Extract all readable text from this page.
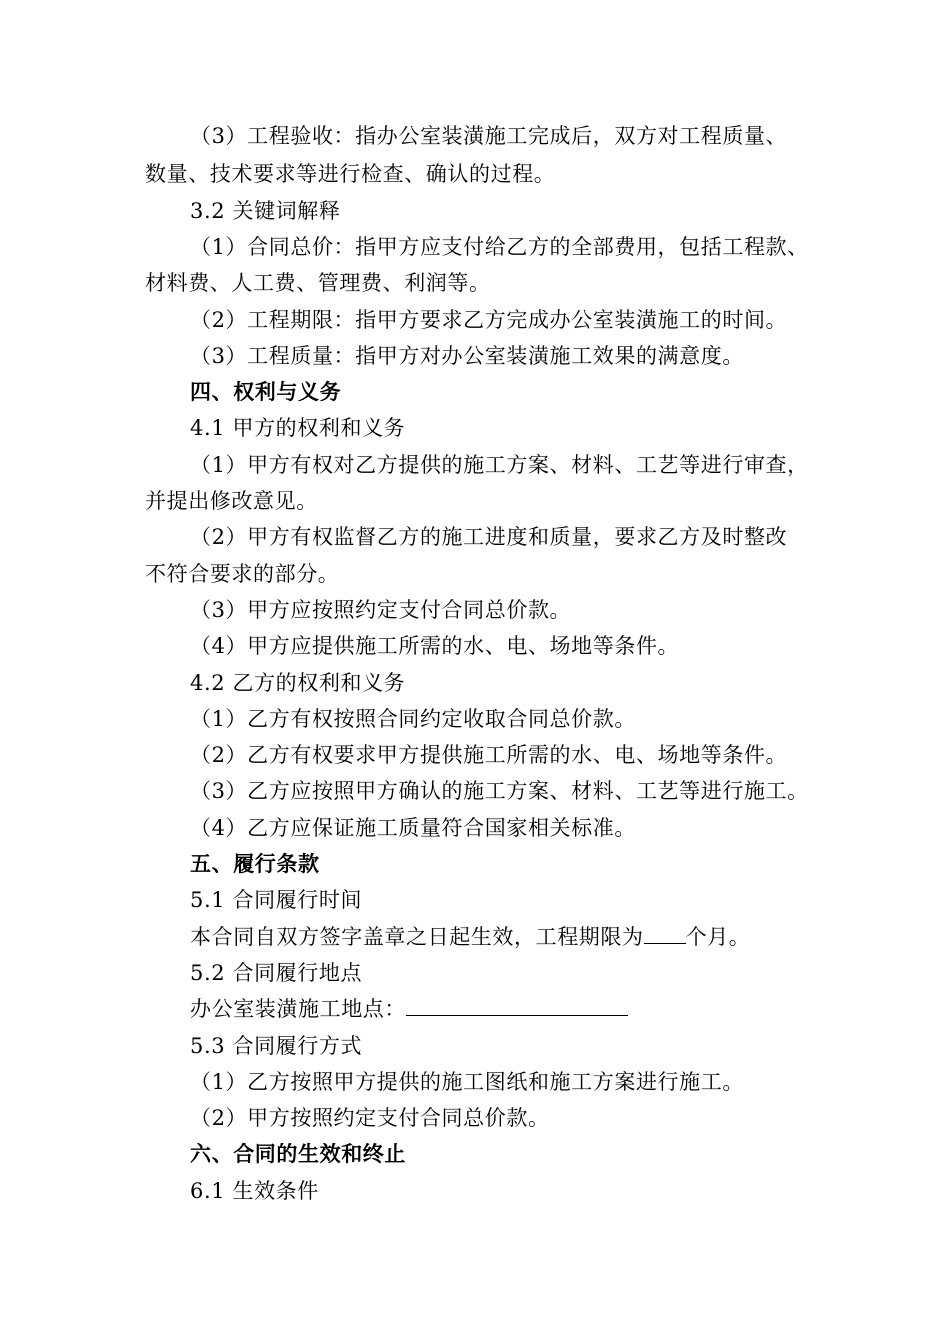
（3）工程验收：指办公室装潢施工完成后，双方对工程质量、
数量、技术要求等进行检查、确认的过程。
3.2 关键词解释
（1）合同总价：指甲方应支付给乙方的全部费用，包括工程款、
材料费、人工费、管理费、利润等。
（2）工程期限：指甲方要求乙方完成办公室装潢施工的时间。
（3）工程质量：指甲方对办公室装潢施工效果的满意度。
四、权利与义务
4.1 甲方的权利和义务
（1）甲方有权对乙方提供的施工方案、材料、工艺等进行审查，
并提出修改意见。
（2）甲方有权监督乙方的施工进度和质量，要求乙方及时整改
不符合要求的部分。
（3）甲方应按照约定支付合同总价款。
（4）甲方应提供施工所需的水、电、场地等条件。
4.2 乙方的权利和义务
（1）乙方有权按照合同约定收取合同总价款。
（2）乙方有权要求甲方提供施工所需的水、电、场地等条件。
（3）乙方应按照甲方确认的施工方案、材料、工艺等进行施工。
（4）乙方应保证施工质量符合国家相关标准。
五、履行条款
5.1 合同履行时间
本合同自双方签字盖章之日起生效，工程期限为 个月。
5.2 合同履行地点
办公室装潢施工地点：
5.3 合同履行方式
（1）乙方按照甲方提供的施工图纸和施工方案进行施工。
（2）甲方按照约定支付合同总价款。
六、合同的生效和终止
6.1 生效条件
